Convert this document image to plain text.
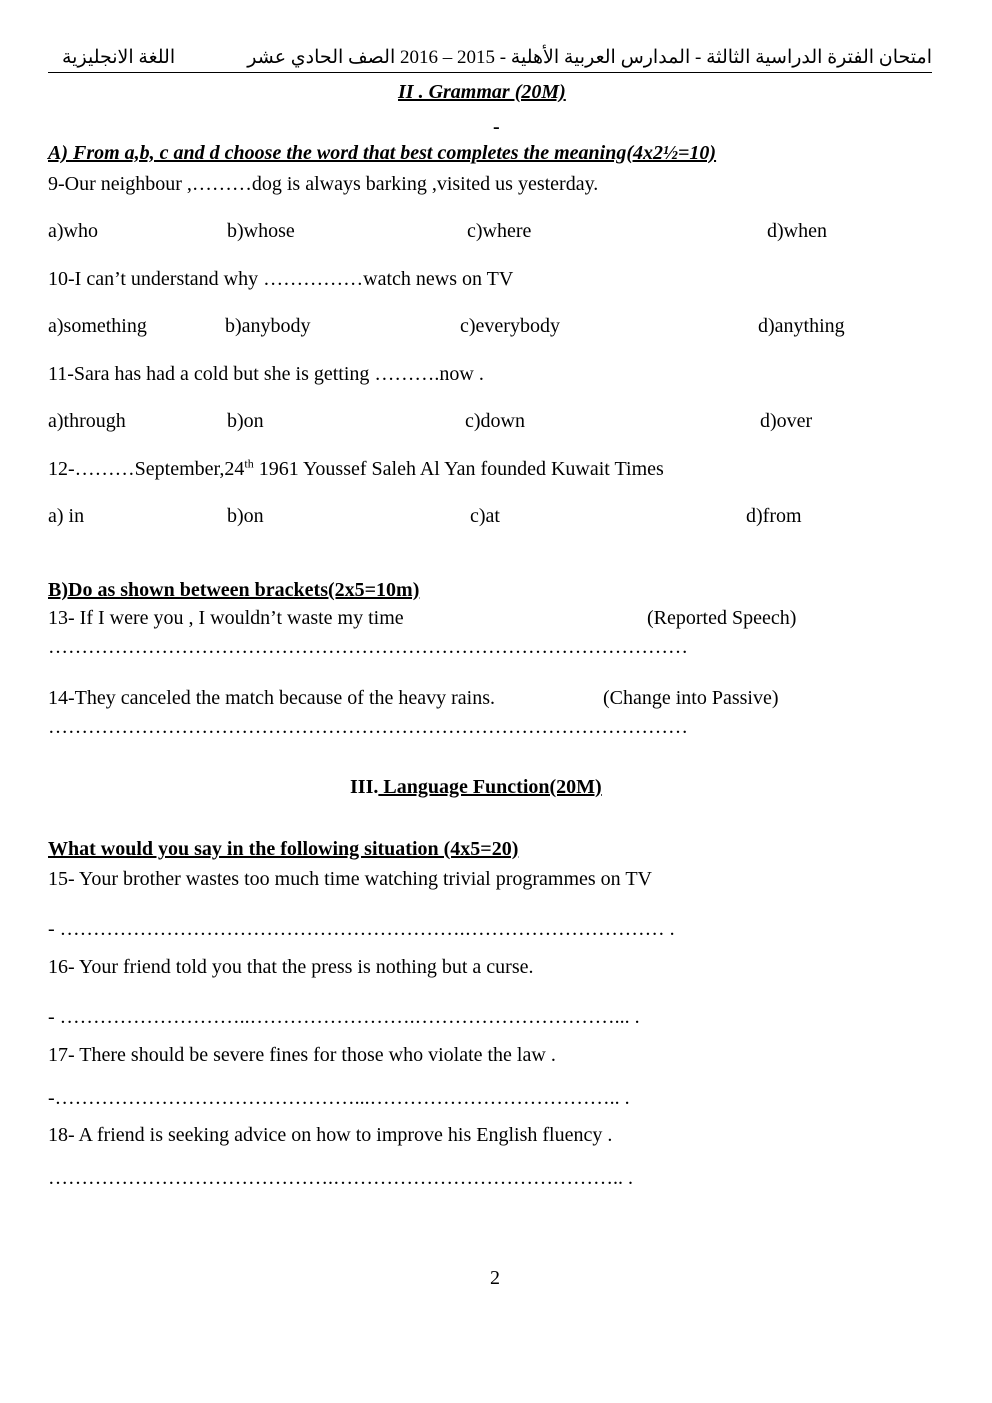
امتحان الفترة الدراسية الثالثة - المدارس العربية الأهلية - 2015 – 2016 الصف الحادي عشر
اللغة الانجليزية
II . Grammar (20M)
-
A) From a,b, c and d choose the word that best completes the meaning(4x2½=10)
9-Our neighbour ,………dog is always barking ,visited us yesterday.
a)who	b)whose	c)where	d)when
10-I can’t understand why ……………watch news on TV
a)something	b)anybody	c)everybody	d)anything
11-Sara has had a cold but she is getting ……….now .
a)through	b)on	c)down	d)over
12-………September,24th 1961 Youssef Saleh Al Yan founded Kuwait Times
a) in	b)on	c)at	d)from
B)Do as shown between brackets(2x5=10m)
13- If I were you , I wouldn’t waste my time	(Reported Speech)
……………………………………………………………………………………
14-They canceled the match because of the heavy rains.	(Change into Passive)
……………………………………………………………………………………
III. Language Function(20M)
What would you say in the following situation (4x5=20)
15- Your brother wastes too much time watching trivial programmes on TV
- …………………………………………………….………………………… .
16- Your friend told you that the press is nothing but a curse.
- ………………………..…………………….…………………………... .
17- There should be severe fines for those who violate the law .
-………………………………………...……………………………….. .
18- A friend is seeking advice on how to improve his English fluency .
…………………………………….…………………………………….. .
2
